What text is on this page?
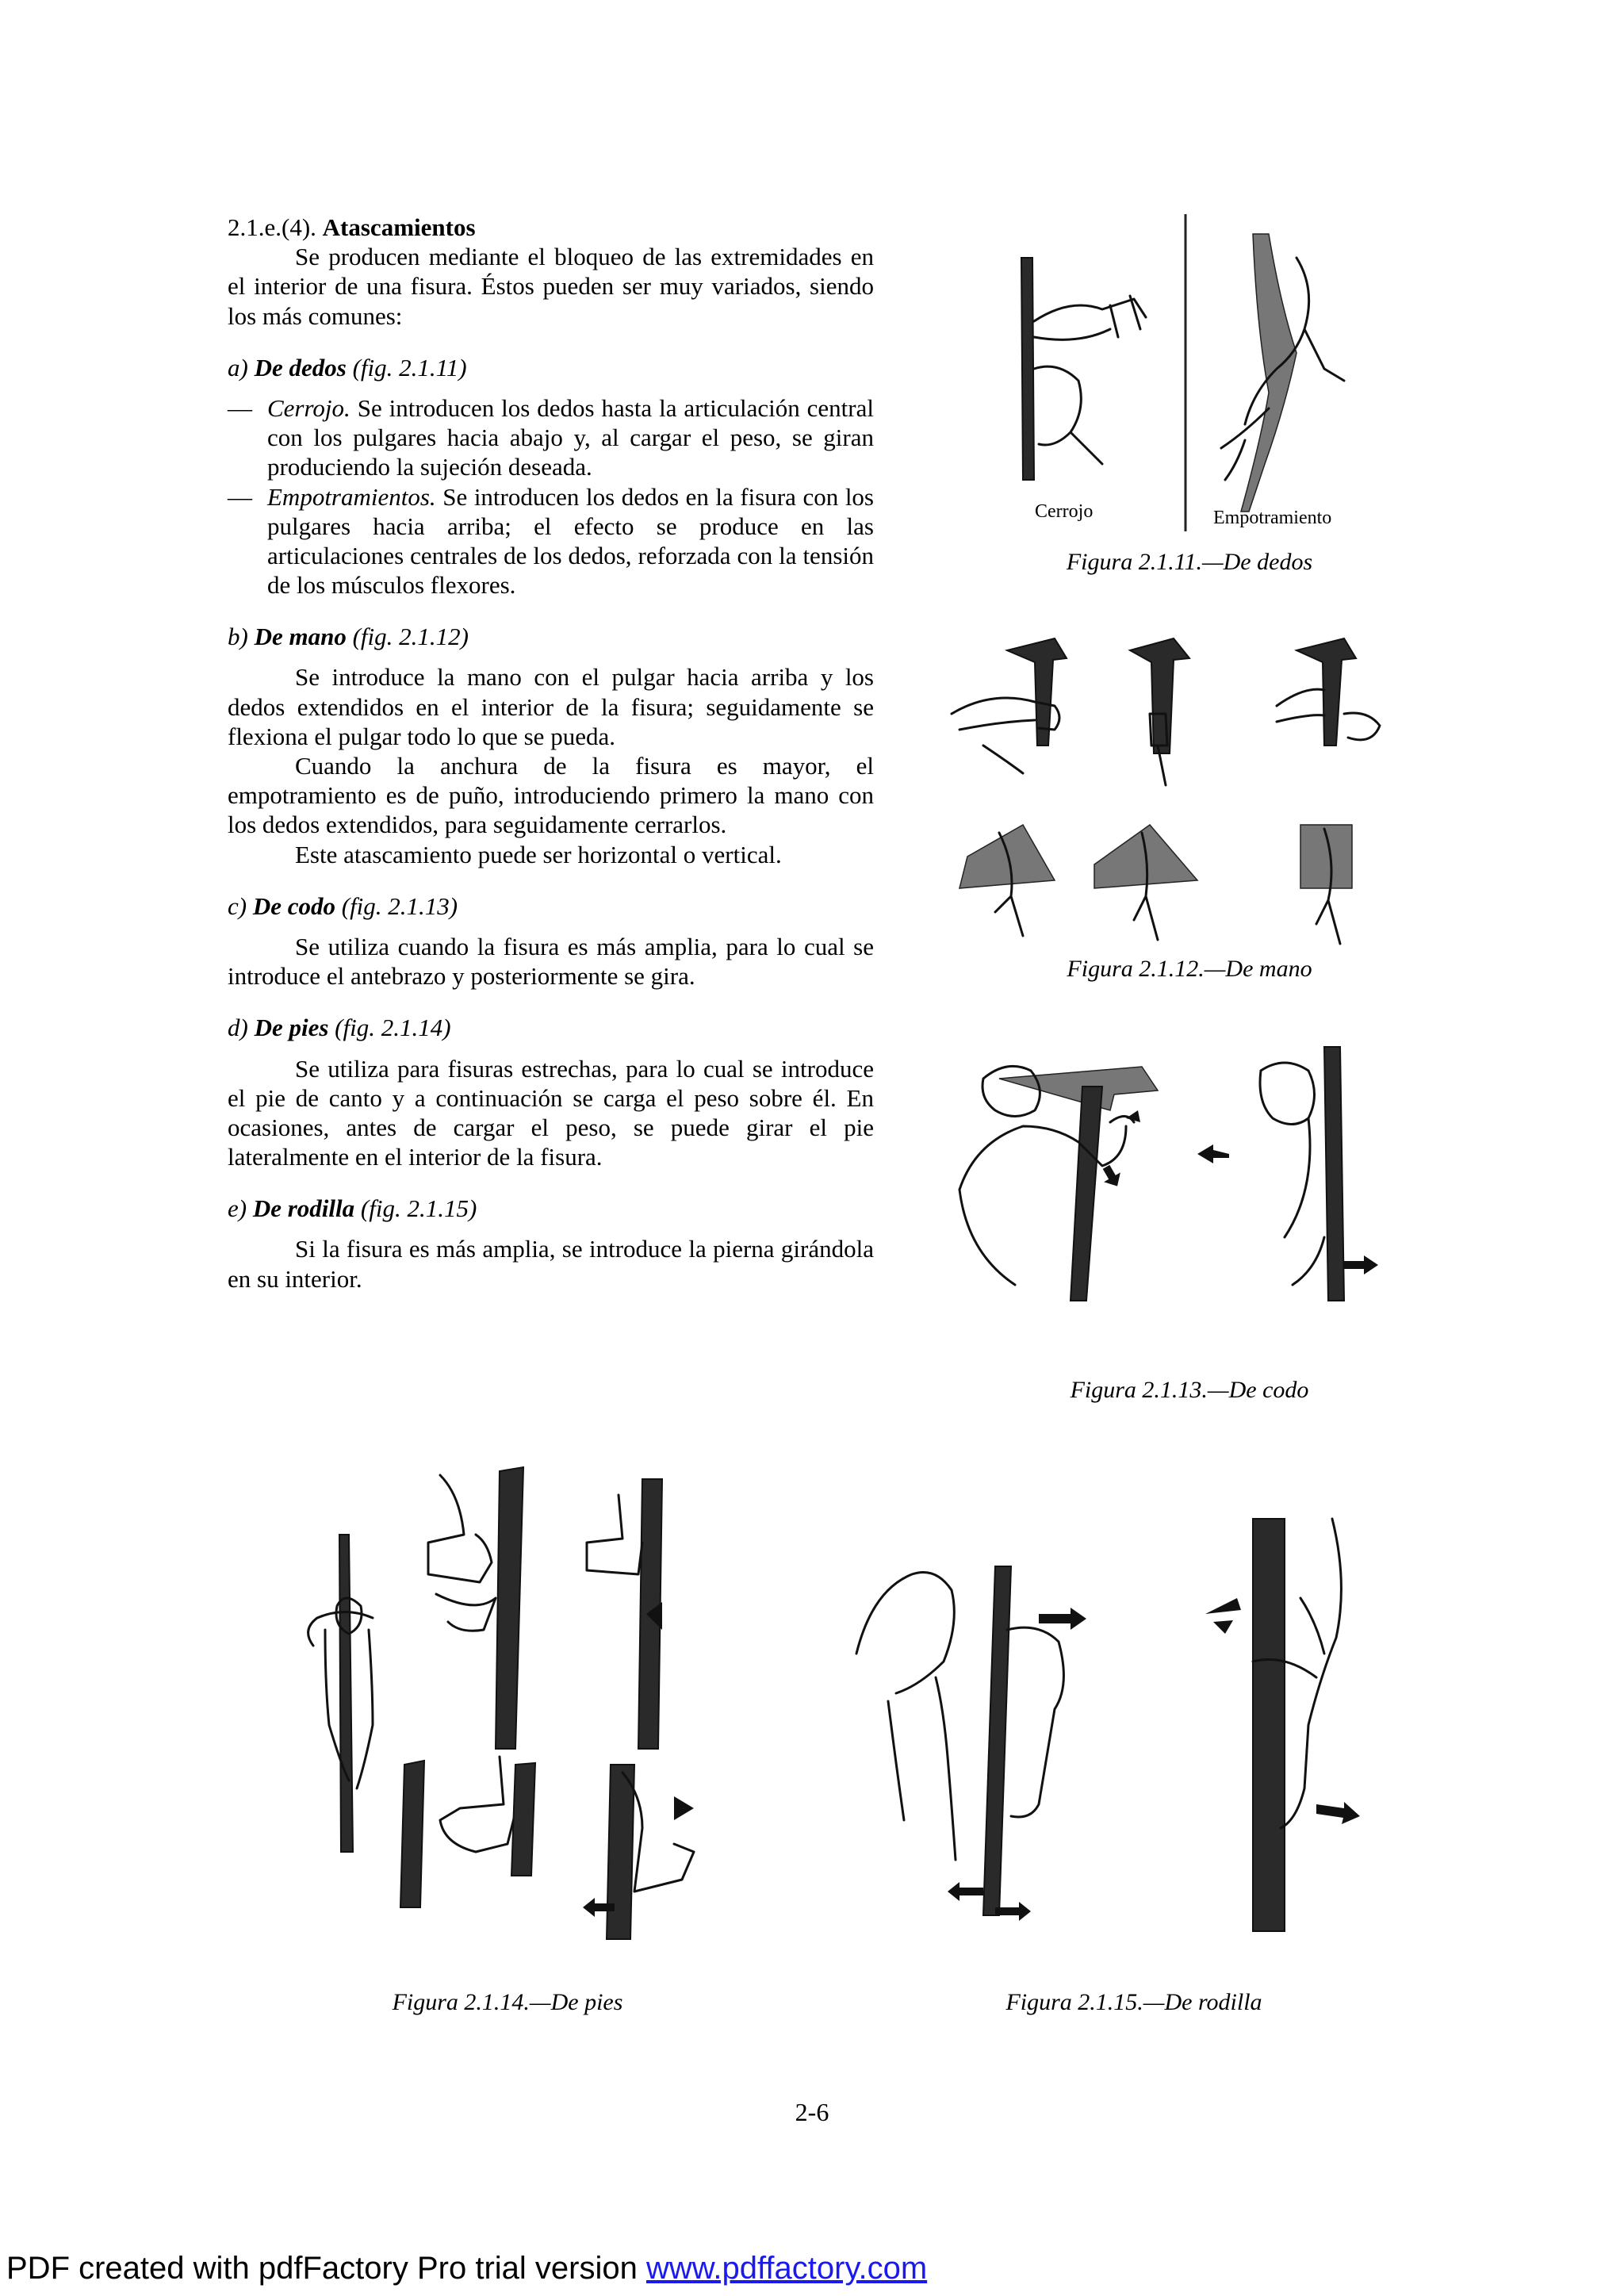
2.1.e.(4). Atascamientos

Se producen mediante el bloqueo de las extremidades en el interior de una fisura. Éstos pueden ser muy variados, siendo los más comunes:

a) De dedos (fig. 2.1.11)

— Cerrojo. Se introducen los dedos hasta la articulación central con los pulgares hacia abajo y, al cargar el peso, se giran produciendo la sujeción deseada.
— Empotramientos. Se introducen los dedos en la fisura con los pulgares hacia arriba; el efecto se produce en las articulaciones centrales de los dedos, reforzada con la tensión de los músculos flexores.

b) De mano (fig. 2.1.12)

Se introduce la mano con el pulgar hacia arriba y los dedos extendidos en el interior de la fisura; seguidamente se flexiona el pulgar todo lo que se pueda.

Cuando la anchura de la fisura es mayor, el empotramiento es de puño, introduciendo primero la mano con los dedos extendidos, para seguidamente cerrarlos.

Este atascamiento puede ser horizontal o vertical.

c) De codo (fig. 2.1.13)

Se utiliza cuando la fisura es más amplia, para lo cual se introduce el antebrazo y posteriormente se gira.

d) De pies (fig. 2.1.14)

Se utiliza para fisuras estrechas, para lo cual se introduce el pie de canto y a continuación se carga el peso sobre él. En ocasiones, antes de cargar el peso, se puede girar el pie lateralmente en el interior de la fisura.

e) De rodilla (fig. 2.1.15)

Si la fisura es más amplia, se introduce la pierna girándola en su interior.

Cerrojo	Empotramiento
Figura 2.1.11.—De dedos
Figura 2.1.12.—De mano
Figura 2.1.13.—De codo
Figura 2.1.14.—De pies	Figura 2.1.15.—De rodilla
2-6
PDF created with pdfFactory Pro trial version www.pdffactory.com
